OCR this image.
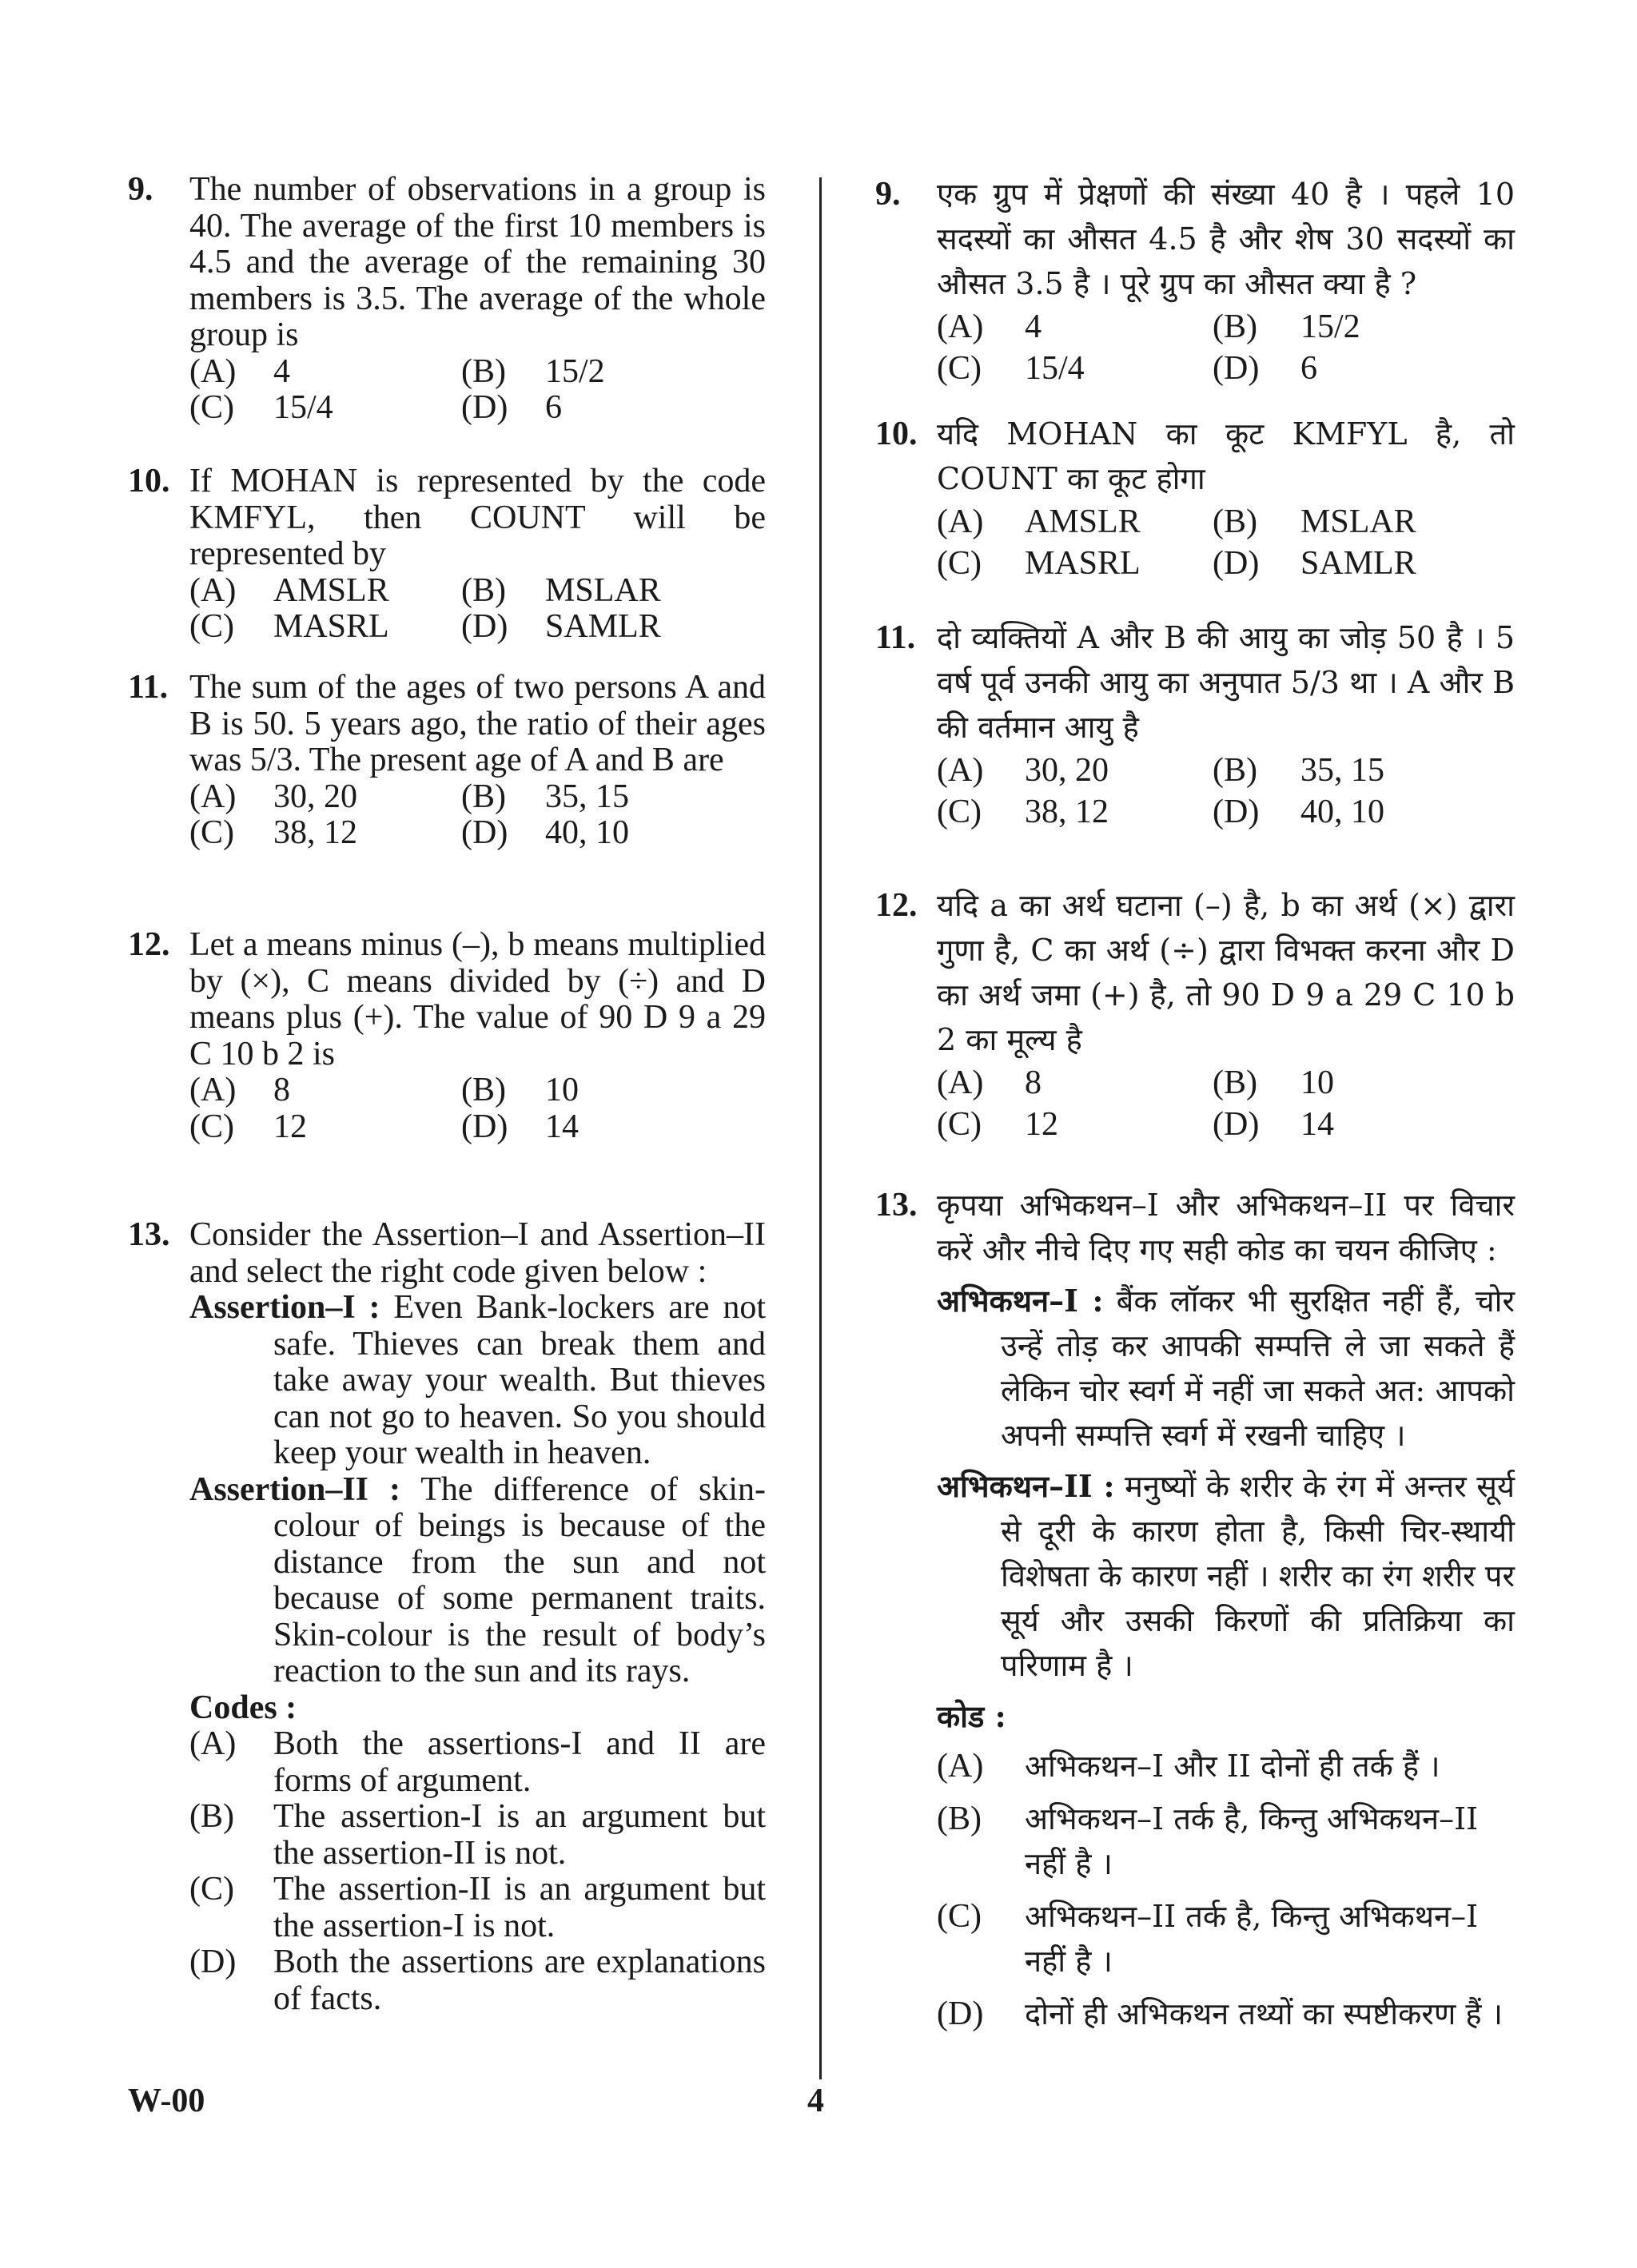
9. The number of observations in a group is 40. The average of the first 10 members is 4.5 and the average of the remaining 30 members is 3.5. The average of the whole group is
(A) 4	(B) 15/2
(C) 15/4	(D) 6
10. If MOHAN is represented by the code KMFYL, then COUNT will be represented by
(A) AMSLR	(B) MSLAR
(C) MASRL	(D) SAMLR
11. The sum of the ages of two persons A and B is 50. 5 years ago, the ratio of their ages was 5/3. The present age of A and B are
(A) 30, 20	(B) 35, 15
(C) 38, 12	(D) 40, 10
12. Let a means minus (–), b means multiplied by (×), C means divided by (÷) and D means plus (+). The value of 90 D 9 a 29 C 10 b 2 is
(A) 8	(B) 10
(C) 12	(D) 14
13. Consider the Assertion–I and Assertion–II and select the right code given below :
Assertion–I : Even Bank-lockers are not safe. Thieves can break them and take away your wealth. But thieves can not go to heaven. So you should keep your wealth in heaven.
Assertion–II : The difference of skin-colour of beings is because of the distance from the sun and not because of some permanent traits. Skin-colour is the result of body’s reaction to the sun and its rays.
Codes :
(A) Both the assertions-I and II are forms of argument.
(B) The assertion-I is an argument but the assertion-II is not.
(C) The assertion-II is an argument but the assertion-I is not.
(D) Both the assertions are explanations of facts.
9. एक ग्रुप में प्रेक्षणों की संख्या 40 है । पहले 10 सदस्यों का औसत 4.5 है और शेष 30 सदस्यों का औसत 3.5 है । पूरे ग्रुप का औसत क्या है ?
(A) 4	(B) 15/2
(C) 15/4	(D) 6
10. यदि MOHAN का कूट KMFYL है, तो COUNT का कूट होगा
(A) AMSLR	(B) MSLAR
(C) MASRL	(D) SAMLR
11. दो व्यक्तियों A और B की आयु का जोड़ 50 है । 5 वर्ष पूर्व उनकी आयु का अनुपात 5/3 था । A और B की वर्तमान आयु है
(A) 30, 20	(B) 35, 15
(C) 38, 12	(D) 40, 10
12. यदि a का अर्थ घटाना (–) है, b का अर्थ (×) द्वारा गुणा है, C का अर्थ (÷) द्वारा विभक्त करना और D का अर्थ जमा (+) है, तो 90 D 9 a 29 C 10 b 2 का मूल्य है
(A) 8	(B) 10
(C) 12	(D) 14
13. कृपया अभिकथन–I और अभिकथन–II पर विचार करें और नीचे दिए गए सही कोड का चयन कीजिए :
अभिकथन–I : बैंक लॉकर भी सुरक्षित नहीं हैं, चोर उन्हें तोड़ कर आपकी सम्पत्ति ले जा सकते हैं लेकिन चोर स्वर्ग में नहीं जा सकते अत: आपको अपनी सम्पत्ति स्वर्ग में रखनी चाहिए ।
अभिकथन–II : मनुष्यों के शरीर के रंग में अन्तर सूर्य से दूरी के कारण होता है, किसी चिर-स्थायी विशेषता के कारण नहीं । शरीर का रंग शरीर पर सूर्य और उसकी किरणों की प्रतिक्रिया का परिणाम है ।
कोड :
(A) अभिकथन–I और II दोनों ही तर्क हैं ।
(B) अभिकथन–I तर्क है, किन्तु अभिकथन–II नहीं है ।
(C) अभिकथन–II तर्क है, किन्तु अभिकथन–I नहीं है ।
(D) दोनों ही अभिकथन तथ्यों का स्पष्टीकरण हैं ।
W-00	4
